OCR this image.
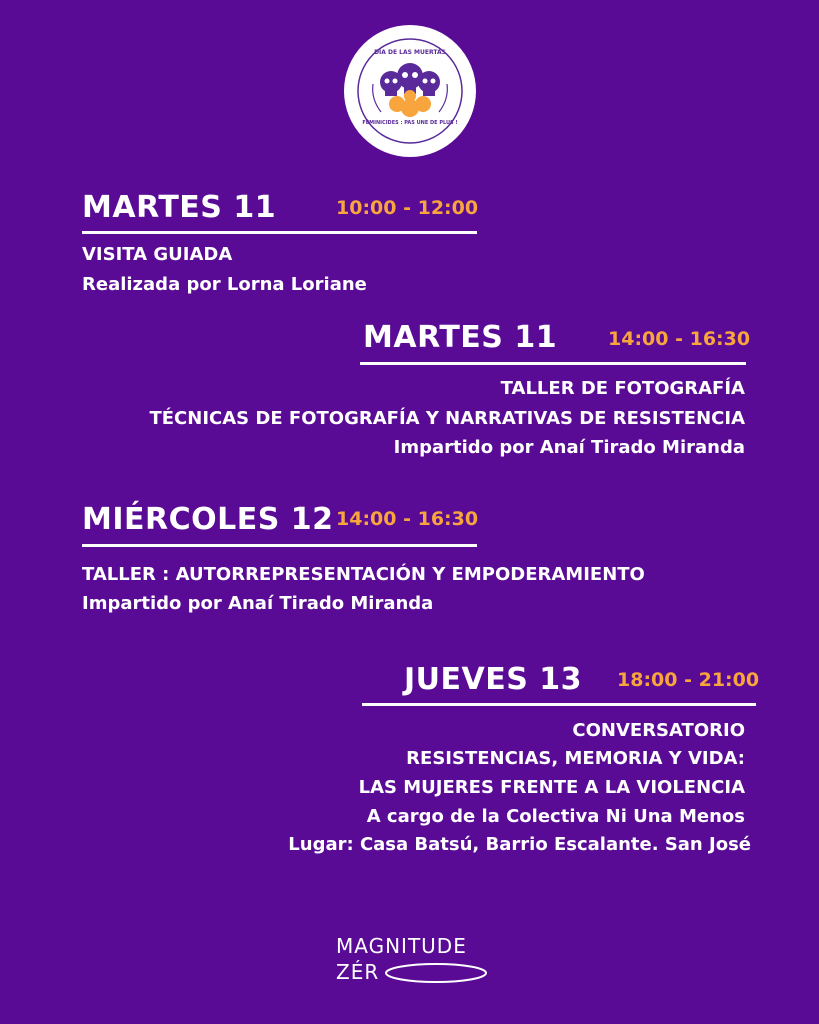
DÍA DE LAS MUERTAS
FÉMINICIDES : PAS UNE DE PLUS !
MARTES 11	10:00 - 12:00
VISITA GUIADA
Realizada por Lorna Loriane
MARTES 11	14:00 - 16:30
TALLER DE FOTOGRAFÍA
TÉCNICAS DE FOTOGRAFÍA Y NARRATIVAS DE RESISTENCIA
Impartido por Anaí Tirado Miranda
MIÉRCOLES 12 14:00 - 16:30
TALLER : AUTORREPRESENTACIÓN Y EMPODERAMIENTO
Impartido por Anaí Tirado Miranda
JUEVES 13 18:00 - 21:00
CONVERSATORIO
RESISTENCIAS, MEMORIA Y VIDA:
LAS MUJERES FRENTE A LA VIOLENCIA
A cargo de la Colectiva Ni Una Menos
Lugar: Casa Batsú, Barrio Escalante. San José
MAGNITUDE
ZÉR
